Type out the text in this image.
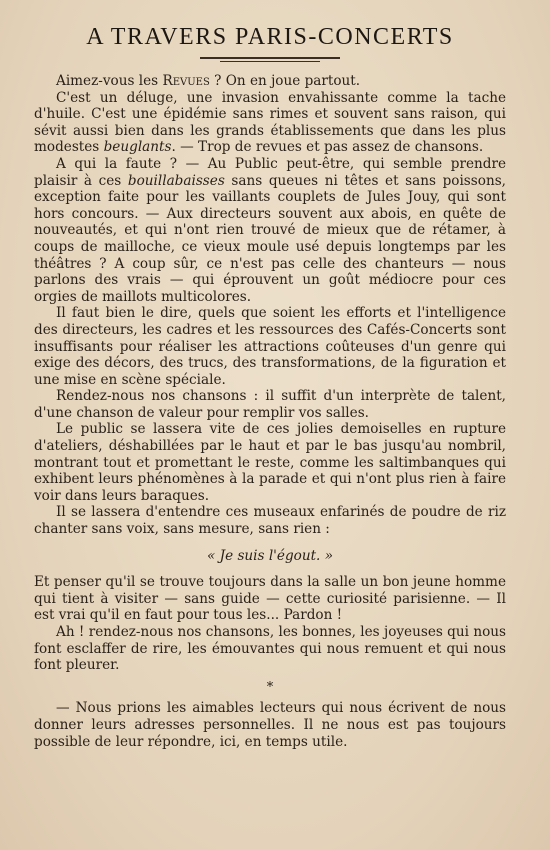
A TRAVERS PARIS-CONCERTS

Aimez-vous les Revues ? On en joue partout.

C'est un déluge, une invasion envahissante comme la tache d'huile. C'est une épidémie sans rimes et souvent sans raison, qui sévit aussi bien dans les grands établissements que dans les plus modestes beuglants. — Trop de revues et pas assez de chansons.

A qui la faute ? — Au Public peut-être, qui semble prendre plaisir à ces bouillabaisses sans queues ni têtes et sans poissons, exception faite pour les vaillants couplets de Jules Jouy, qui sont hors concours. — Aux directeurs souvent aux abois, en quête de nouveautés, et qui n'ont rien trouvé de mieux que de rétamer, à coups de mailloche, ce vieux moule usé depuis longtemps par les théâtres ? A coup sûr, ce n'est pas celle des chanteurs — nous parlons des vrais — qui éprouvent un goût médiocre pour ces orgies de maillots multicolores.

Il faut bien le dire, quels que soient les efforts et l'intelligence des directeurs, les cadres et les ressources des Cafés-Concerts sont insuffisants pour réaliser les attractions coûteuses d'un genre qui exige des décors, des trucs, des transformations, de la figuration et une mise en scène spéciale.

Rendez-nous nos chansons : il suffit d'un interprète de talent, d'une chanson de valeur pour remplir vos salles.

Le public se lassera vite de ces jolies demoiselles en rupture d'ateliers, déshabillées par le haut et par le bas jusqu'au nombril, montrant tout et promettant le reste, comme les saltimbanques qui exhibent leurs phénomènes à la parade et qui n'ont plus rien à faire voir dans leurs baraques.

Il se lassera d'entendre ces museaux enfarinés de poudre de riz chanter sans voix, sans mesure, sans rien :

« Je suis l'égout. »

Et penser qu'il se trouve toujours dans la salle un bon jeune homme qui tient à visiter — sans guide — cette curiosité parisienne. — Il est vrai qu'il en faut pour tous les... Pardon !

Ah ! rendez-nous nos chansons, les bonnes, les joyeuses qui nous font esclaffer de rire, les émouvantes qui nous remuent et qui nous font pleurer.

*

— Nous prions les aimables lecteurs qui nous écrivent de nous donner leurs adresses personnelles. Il ne nous est pas toujours possible de leur répondre, ici, en temps utile.
